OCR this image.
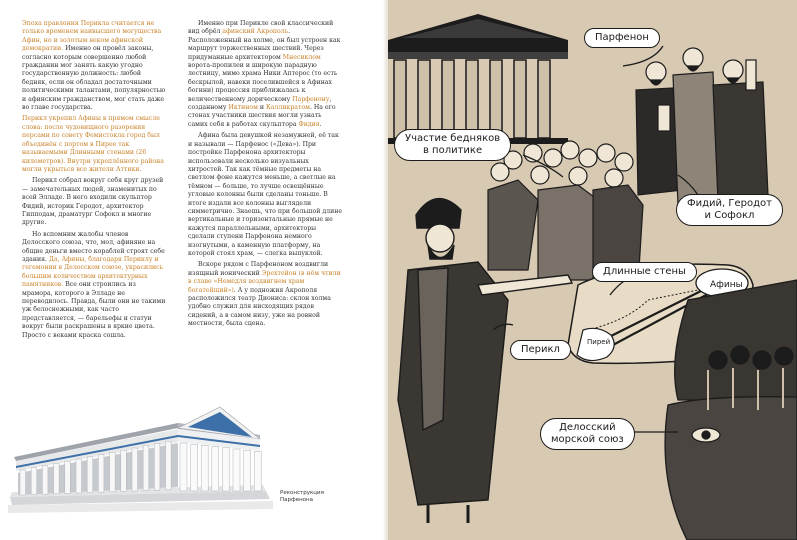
Эпоха правления Перикла считается не только временем наивысшего могущества Афин, но и золотым веком афинской демократии. Именно он провёл законы, согласно которым совершенно любой гражданин мог занять какую угодно государственную должность: любой бедняк, если он обладал достаточными политическими талантами, популярностью и афинским гражданством, мог стать даже во главе государства.

Перикл укрепил Афины в прямом смысле слова: после чудовищного разорения персами по совету Фемистокла город был объединён с портом в Пирее так называемыми Длинными стенами (26 километров). Внутри укреплённого района могли укрыться все жители Аттики.

Перикл собрал вокруг себя круг друзей — замечательных людей, знаменитых по всей Элладе. В него входили скульптор Фидий, историк Геродот, архитектор Гипподам, драматург Софокл и многие другие.

Но вспомним жалобы членов Делосского союза, что, мол, афиняне на общие деньги вместо кораблей строят себе здания. Да, Афины, благодаря Периклу и гегемонии в Делосском союзе, украсились большим количеством архитектурных памятников. Все они строились из мрамора, которого в Элладе не переводилось. Правда, были они не такими уж белоснежными, как часто представляется, — барельефы и статуи вокруг были раскрашены в яркие цвета. Просто с веками краска сошла.

Именно при Перикле свой классический вид обрёл афинский Акрополь. Расположенный на холме, он был устроен как маршрут торжественных шествий. Через придуманные архитектором Мнесиклом ворота-пропилеи и широкую парадную лестницу, мимо храма Ники Аптерос (то есть бескрылой, навеки поселившейся в Афинах богини) процессия приближалась к величественному дорическому Парфенону, созданному Иктином и Калликратом. На его стенах участники шествия могли узнать самих себя в работах скульптора Фидия.

Афина была девушкой незамужней, её так и называли — Парфенос («Дева»). При постройке Парфенона архитекторы использовали несколько визуальных хитростей. Так как тёмные предметы на светлом фоне кажутся меньше, а светлые на тёмном — больше, то лучше освещённые угловые колонны были сделаны тоньше. В итоге издали все колонны выглядели симметрично. Знаешь, что при большой длине вертикальные и горизонтальные прямые не кажутся параллельными, архитекторы сделали ступени Парфенона немного изогнутыми, а каменную платформу, на которой стоял храм, — слегка выпуклой.

Вскоре рядом с Парфеноном воздвигли изящный ионический Эрехтейон (в нём чтили в славе «Немедля воздвигнем храм богатейший»). А у подножия Акрополя расположился театр Диониса: склон холма удобно служил для нисходящих рядов сидений, а в самом низу, уже на ровной местности, была сцена.

Реконструкция
Парфенона
Афины
Пирей
Парфенон
Участие бедняков
в политике
Фидий, Геродот
и Софокл
Длинные стены
Перикл
Делосский
морской союз
